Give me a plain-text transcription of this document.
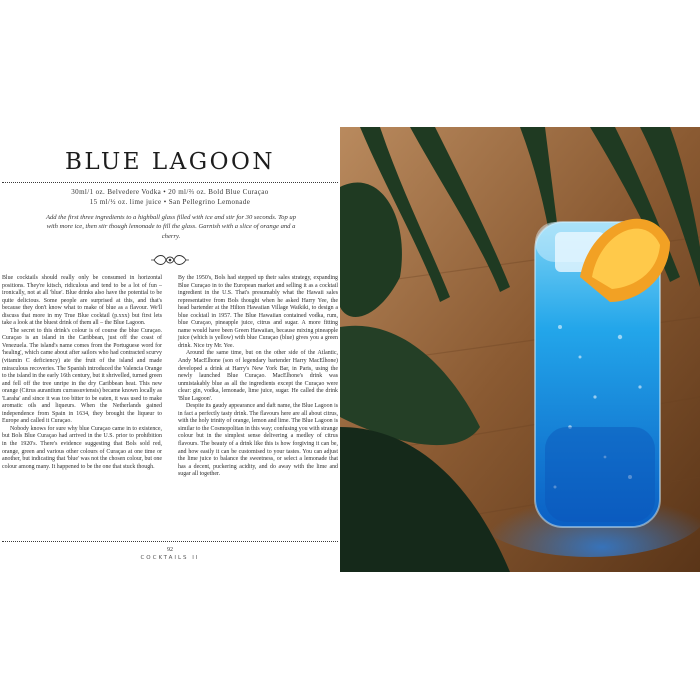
BLUE LAGOON
30ml/1 oz. Belvedere Vodka • 20 ml/⅔ oz. Bold Blue Curaçao
15 ml/½ oz. lime juice • San Pellegrino Lemonade
Add the first three ingredients to a highball glass filled with ice and stir for 30 seconds. Top up with more ice, then stir though lemonade to fill the glass. Garnish with a slice of orange and a cherry.

Blue cocktails should really only be consumed in horizontal positions. They're kitsch, ridiculous and tend to be a lot of fun – ironically, not at all 'blue'. Blue drinks also have the potential to be quite delicious. Some people are surprised at this, and that's because they don't know what to make of blue as a flavour. We'll discuss that more in my True Blue cocktail (p.xxx) but first lets take a look at the bluest drink of them all – the Blue Lagoon.

The secret to this drink's colour is of course the blue Curaçao. Curaçao is an island in the Caribbean, just off the coast of Venezuela. The island's name comes from the Portuguese word for 'healing', which came about after sailors who had contracted scurvy (vitamin C deficiency) ate the fruit of the island and made miraculous recoveries. The Spanish introduced the Valencia Orange to the island in the early 16th century, but it shrivelled, turned green and fell off the tree unripe in the dry Caribbean heat. This new orange (Citrus aurantium currassuviensis) became known locally as 'Laraha' and since it was too bitter to be eaten, it was used to make aromatic oils and liqueurs. When the Netherlands gained independence from Spain in 1634, they brought the liqueur to Europe and called it Curaçao.

Nobody knows for sure why blue Curaçao came in to existence, but Bols Blue Curaçao had arrived in the U.S. prior to prohibition in the 1920's. There's evidence suggesting that Bols sold red, orange, green and various other colours of Curaçao at one time or another, but indicating that 'blue' was not the chosen colour, but one colour among many. It happened to be the one that stuck though.

By the 1950's, Bols had stepped up their sales strategy, expanding Blue Curaçao in to the European market and selling it as a cocktail ingredient in the U.S. That's presumably what the Hawaii sales representative from Bols thought when he asked Harry Yee, the head bartender at the Hilton Hawaiian Village Waikiki, to design a blue cocktail in 1957. The Blue Hawaiian contained vodka, rum, blue Curaçao, pineapple juice, citrus and sugar. A more fitting name would have been Green Hawaiian, because mixing pineapple juice (which is yellow) with blue Curaçao (blue) gives you a green drink. Nice try Mr. Yee.

Around the same time, but on the other side of the Atlantic, Andy MacElhone (son of legendary bartender Harry MacElhone) developed a drink at Harry's New York Bar, in Paris, using the newly launched Blue Curaçao. MacElhone's drink was unmistakably blue as all the ingredients except the Curaçao were clear: gin, vodka, lemonade, lime juice, sugar. He called the drink 'Blue Lagoon'.

Despite its gaudy appearance and daft name, the Blue Lagoon is in fact a perfectly tasty drink. The flavours here are all about citrus, with the holy trinity of orange, lemon and lime. The Blue Lagoon is similar to the Cosmopolitan in this way; confusing you with strange colour but in the simplest sense delivering a medley of citrus flavours. The beauty of a drink like this is how forgiving it can be, and how easily it can be customised to your tastes. You can adjust the lime juice to balance the sweetness, or select a lemonade that has a decent, puckering acidity, and do away with the lime and sugar all together.

92
COCKTAILS II
